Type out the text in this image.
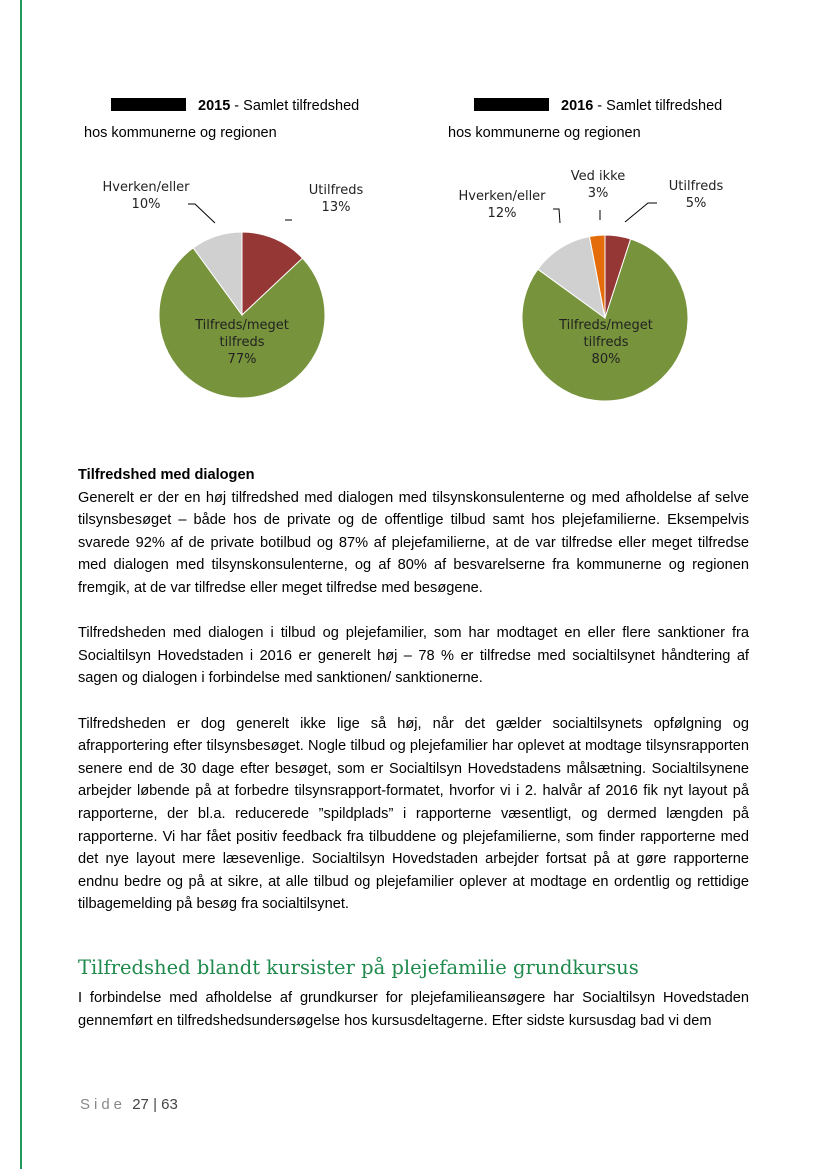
2015 - Samlet tilfredshed
hos kommunerne og regionen
Utilfreds 13%
Tilfreds/meget tilfreds 77%
Hverken/eller 10%
2016 - Samlet tilfredshed
hos kommunerne og regionen
Utilfreds 5%
Tilfreds/meget tilfreds 80%
Hverken/eller 12%
Ved ikke 3%

Tilfredshed med dialogen

Generelt er der en høj tilfredshed med dialogen med tilsynskonsulenterne og med afholdelse af selve tilsynsbesøget – både hos de private og de offentlige tilbud samt hos plejefamilierne. Eksempelvis svarede 92% af de private botilbud og 87% af plejefamilierne, at de var tilfredse eller meget tilfredse med dialogen med tilsynskonsulenterne, og af 80% af besvarelserne fra kommunerne og regionen fremgik, at de var tilfredse eller meget tilfredse med besøgene.

Tilfredsheden med dialogen i tilbud og plejefamilier, som har modtaget en eller flere sanktioner fra Socialtilsyn Hovedstaden i 2016 er generelt høj – 78 % er tilfredse med socialtilsynet håndtering af sagen og dialogen i forbindelse med sanktionen/ sanktionerne.

Tilfredsheden er dog generelt ikke lige så høj, når det gælder socialtilsynets opfølgning og afrapportering efter tilsynsbesøget. Nogle tilbud og plejefamilier har oplevet at modtage tilsynsrapporten senere end de 30 dage efter besøget, som er Socialtilsyn Hovedstadens målsætning. Socialtilsynene arbejder løbende på at forbedre tilsynsrapport-formatet, hvorfor vi i 2. halvår af 2016 fik nyt layout på rapporterne, der bl.a. reducerede ”spildplads” i rapporterne væsentligt, og dermed længden på rapporterne. Vi har fået positiv feedback fra tilbuddene og plejefamilierne, som finder rapporterne med det nye layout mere læsevenlige. Socialtilsyn Hovedstaden arbejder fortsat på at gøre rapporterne endnu bedre og på at sikre, at alle tilbud og plejefamilier oplever at modtage en ordentlig og rettidige tilbagemelding på besøg fra socialtilsynet.

Tilfredshed blandt kursister på plejefamilie grundkursus

I forbindelse med afholdelse af grundkurser for plejefamilieansøgere har Socialtilsyn Hovedstaden gennemført en tilfredshedsundersøgelse hos kursusdeltagerne. Efter sidste kursusdag bad vi dem

Side 27 | 63
